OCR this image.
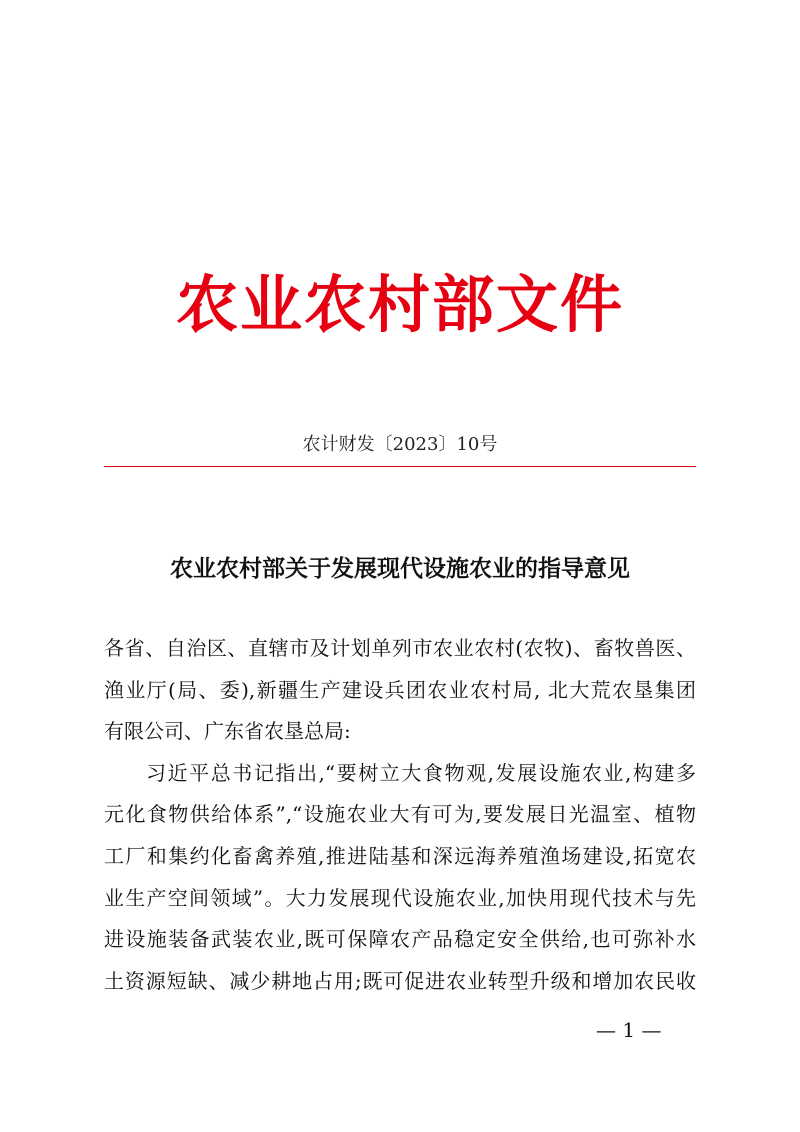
农业农村部文件
农计财发〔2023〕10号
农业农村部关于发展现代设施农业的指导意见
各省、自治区、直辖市及计划单列市农业农村(农牧)、畜牧兽医、
渔业厅(局、委),新疆生产建设兵团农业农村局, 北大荒农垦集团
有限公司、广东省农垦总局:
习近平总书记指出,“要树立大食物观,发展设施农业,构建多
元化食物供给体系”,“设施农业大有可为,要发展日光温室、植物
工厂和集约化畜禽养殖,推进陆基和深远海养殖渔场建设,拓宽农
业生产空间领域”。大力发展现代设施农业,加快用现代技术与先
进设施装备武装农业,既可保障农产品稳定安全供给,也可弥补水
土资源短缺、减少耕地占用;既可促进农业转型升级和增加农民收
— 1 —
